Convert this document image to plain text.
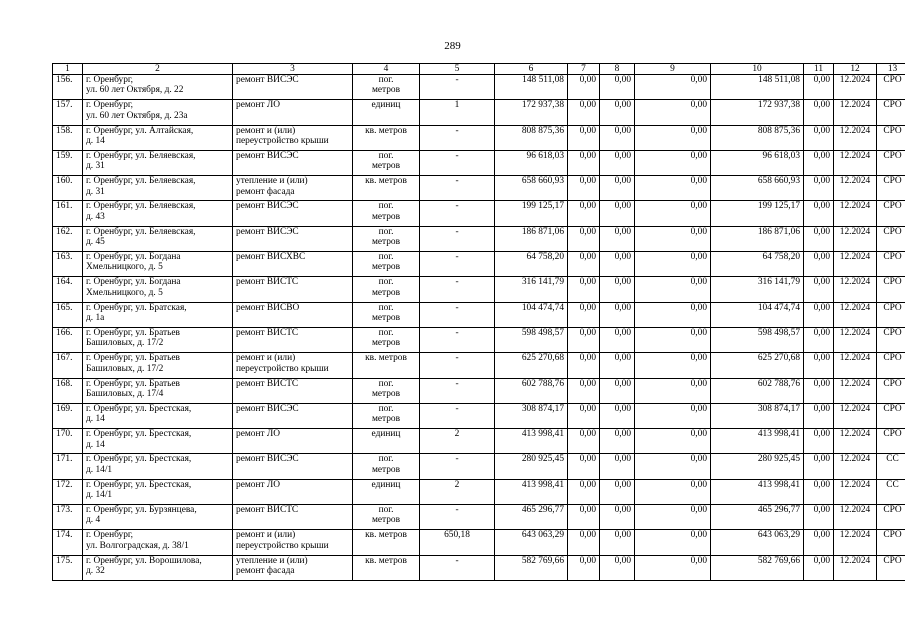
289
1	2	3	4	5	6	7	8	9	10	11	12	13
156.	г. Оренбург,
ул. 60 лет Октября, д. 22	ремонт ВИСЭС	пог.
метров	-	148 511,08	0,00	0,00	0,00	148 511,08	0,00	12.2024	СРО
157.	г. Оренбург,
ул. 60 лет Октября, д. 23а	ремонт ЛО	единиц	1	172 937,38	0,00	0,00	0,00	172 937,38	0,00	12.2024	СРО
158.	г. Оренбург, ул. Алтайская,
д. 14	ремонт и (или)
переустройство крыши	кв. метров	-	808 875,36	0,00	0,00	0,00	808 875,36	0,00	12.2024	СРО
159.	г. Оренбург, ул. Беляевская,
д. 31	ремонт ВИСЭС	пог.
метров	-	96 618,03	0,00	0,00	0,00	96 618,03	0,00	12.2024	СРО
160.	г. Оренбург, ул. Беляевская,
д. 31	утепление и (или)
ремонт фасада	кв. метров	-	658 660,93	0,00	0,00	0,00	658 660,93	0,00	12.2024	СРО
161.	г. Оренбург, ул. Беляевская,
д. 43	ремонт ВИСЭС	пог.
метров	-	199 125,17	0,00	0,00	0,00	199 125,17	0,00	12.2024	СРО
162.	г. Оренбург, ул. Беляевская,
д. 45	ремонт ВИСЭС	пог.
метров	-	186 871,06	0,00	0,00	0,00	186 871,06	0,00	12.2024	СРО
163.	г. Оренбург, ул. Богдана
Хмельницкого, д. 5	ремонт ВИСХВС	пог.
метров	-	64 758,20	0,00	0,00	0,00	64 758,20	0,00	12.2024	СРО
164.	г. Оренбург, ул. Богдана
Хмельницкого, д. 5	ремонт ВИСТС	пог.
метров	-	316 141,79	0,00	0,00	0,00	316 141,79	0,00	12.2024	СРО
165.	г. Оренбург, ул. Братская,
д. 1а	ремонт ВИСВО	пог.
метров	-	104 474,74	0,00	0,00	0,00	104 474,74	0,00	12.2024	СРО
166.	г. Оренбург, ул. Братьев
Башиловых, д. 17/2	ремонт ВИСТС	пог.
метров	-	598 498,57	0,00	0,00	0,00	598 498,57	0,00	12.2024	СРО
167.	г. Оренбург, ул. Братьев
Башиловых, д. 17/2	ремонт и (или)
переустройство крыши	кв. метров	-	625 270,68	0,00	0,00	0,00	625 270,68	0,00	12.2024	СРО
168.	г. Оренбург, ул. Братьев
Башиловых, д. 17/4	ремонт ВИСТС	пог.
метров	-	602 788,76	0,00	0,00	0,00	602 788,76	0,00	12.2024	СРО
169.	г. Оренбург, ул. Брестская,
д. 14	ремонт ВИСЭС	пог.
метров	-	308 874,17	0,00	0,00	0,00	308 874,17	0,00	12.2024	СРО
170.	г. Оренбург, ул. Брестская,
д. 14	ремонт ЛО	единиц	2	413 998,41	0,00	0,00	0,00	413 998,41	0,00	12.2024	СРО
171.	г. Оренбург, ул. Брестская,
д. 14/1	ремонт ВИСЭС	пог.
метров	-	280 925,45	0,00	0,00	0,00	280 925,45	0,00	12.2024	СС
172.	г. Оренбург, ул. Брестская,
д. 14/1	ремонт ЛО	единиц	2	413 998,41	0,00	0,00	0,00	413 998,41	0,00	12.2024	СС
173.	г. Оренбург, ул. Бурзянцева,
д. 4	ремонт ВИСТС	пог.
метров	-	465 296,77	0,00	0,00	0,00	465 296,77	0,00	12.2024	СРО
174.	г. Оренбург,
ул. Волгоградская, д. 38/1	ремонт и (или)
переустройство крыши	кв. метров	650,18	643 063,29	0,00	0,00	0,00	643 063,29	0,00	12.2024	СРО
175.	г. Оренбург, ул. Ворошилова,
д. 32	утепление и (или)
ремонт фасада	кв. метров	-	582 769,66	0,00	0,00	0,00	582 769,66	0,00	12.2024	СРО
